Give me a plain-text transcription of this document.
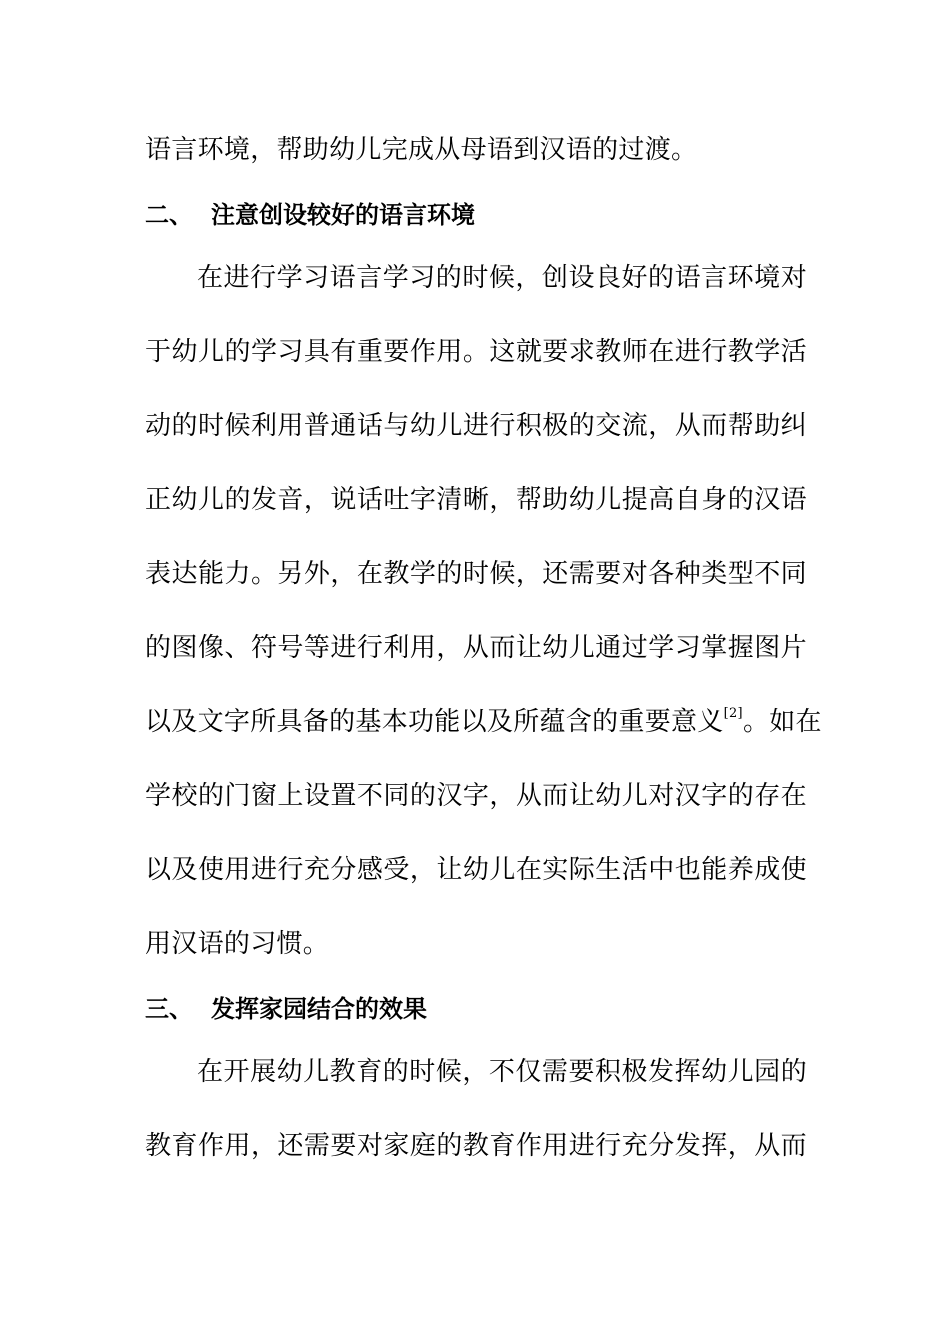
语言环境，帮助幼儿完成从母语到汉语的过渡。
二、 注意创设较好的语言环境
在进行学习语言学习的时候，创设良好的语言环境对
于幼儿的学习具有重要作用。这就要求教师在进行教学活
动的时候利用普通话与幼儿进行积极的交流，从而帮助纠
正幼儿的发音，说话吐字清晰，帮助幼儿提高自身的汉语
表达能力。另外，在教学的时候，还需要对各种类型不同
的图像、符号等进行利用，从而让幼儿通过学习掌握图片
以及文字所具备的基本功能以及所蕴含的重要意义[2]。如在
学校的门窗上设置不同的汉字，从而让幼儿对汉字的存在
以及使用进行充分感受，让幼儿在实际生活中也能养成使
用汉语的习惯。
三、 发挥家园结合的效果
在开展幼儿教育的时候，不仅需要积极发挥幼儿园的
教育作用，还需要对家庭的教育作用进行充分发挥，从而
